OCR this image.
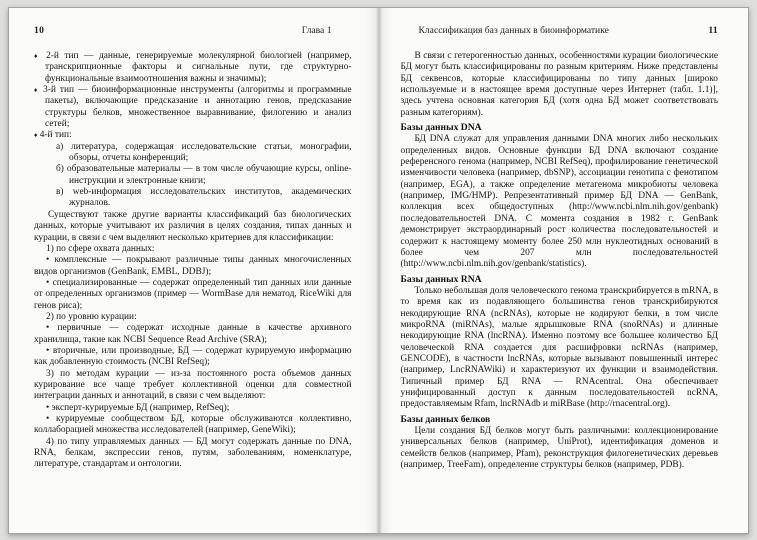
10	Глава 1
♦ 2-й тип — данные, генерируемые молекулярной биологией (например, транскрипционные факторы и сигнальные пути, где структурно-функциональные взаимоотношения важны и значимы);
♦ 3-й тип — биоинформационные инструменты (алгоритмы и программные пакеты), включающие предсказание и аннотацию генов, предсказание структуры белков, множественное выравнивание, филогению и анализ сетей;
♦ 4-й тип:
а) литература, содержащая исследовательские статьи, монографии, обзоры, отчеты конференций;
б) образовательные материалы — в том числе обучающие курсы, online-инструкции и электронные книги;
в) web-информация исследовательских институтов, академических журналов.
Существуют также другие варианты классификаций баз биологических данных, которые учитывают их различия в целях создания, типах данных и курации, в связи с чем выделяют несколько критериев для классификации:
1) по сфере охвата данных:
• комплексные — покрывают различные типы данных многочисленных видов организмов (GenBank, EMBL, DDBJ);
• специализированные — содержат определенный тип данных или данные от определенных организмов (пример — WormBase для нематод, RiceWiki для генов риса);
2) по уровню курации:
• первичные — содержат исходные данные в качестве архивного хранилища, такие как NCBI Sequence Read Archive (SRA);
• вторичные, или производные, БД — содержат курируемую информацию как добавленную стоимость (NCBI RefSeq);
3) по методам курации — из-за постоянного роста объемов данных курирование все чаще требует коллективной оценки для совместной интеграции данных и аннотаций, в связи с чем выделяют:
• эксперт-курируемые БД (например, RefSeq);
• курируемые сообществом БД, которые обслуживаются коллективно, коллаборацией множества исследователей (например, GeneWiki);
4) по типу управляемых данных — БД могут содержать данные по DNA, RNA, белкам, экспрессии генов, путям, заболеваниям, номенклатуре, литературе, стандартам и онтологии.
Классификация баз данных в биоинформатике	11
В связи с гетерогенностью данных, особенностями курации биологические БД могут быть классифицированы по разным критериям. Ниже представлены БД секвенсов, которые классифицированы по типу данных [широко используемые и в настоящее время доступные через Интернет (табл. 1.1)], здесь учтена основная категория БД (хотя одна БД может соответствовать разным категориям).
Базы данных DNA
БД DNA служат для управления данными DNA многих либо нескольких определенных видов. Основные функции БД DNA включают создание референсного генома (например, NCBI RefSeq), профилирование генетической изменчивости человека (например, dbSNP), ассоциации генотипа с фенотипом (например, EGA), а также определение метагенома микробиоты человека (например, IMG/HMP). Репрезентативный пример БД DNA — GenBank, коллекция всех общедоступных (http://www.ncbi.nlm.nih.gov/genbank) последовательностей DNA. С момента создания в 1982 г. GenBank демонстрирует экстраординарный рост количества последовательностей и содержит к настоящему моменту более 250 млн нуклеотидных оснований в более чем 207 млн последовательностей (http://www.ncbi.nlm.nih.gov/genbank/statistics).
Базы данных RNA
Только небольшая доля человеческого генома транскрибируется в mRNA, в то время как из подавляющего большинства генов транскрибируются некодирующие RNA (ncRNAs), которые не кодируют белки, в том числе микроRNA (miRNAs), малые ядрышковые RNA (snoRNAs) и длинные некодирующие RNA (lncRNA). Именно поэтому все большее количество БД человеческой RNA создается для расшифровки ncRNAs (например, GENCODE), в частности lncRNAs, которые вызывают повышенный интерес (например, LncRNAWiki) и характеризуют их функции и взаимодействия. Типичный пример БД RNA — RNAcentral. Она обеспечивает унифицированный доступ к данным последовательностей ncRNA, предоставляемым Rfam, lncRNAdb и miRBase (http://rnacentral.org).
Базы данных белков
Цели создания БД белков могут быть различными: коллекционирование универсальных белков (например, UniProt), идентификация доменов и семейств белков (например, Pfam), реконструкция филогенетических деревьев (например, TreeFam), определение структуры белков (например, PDB).
